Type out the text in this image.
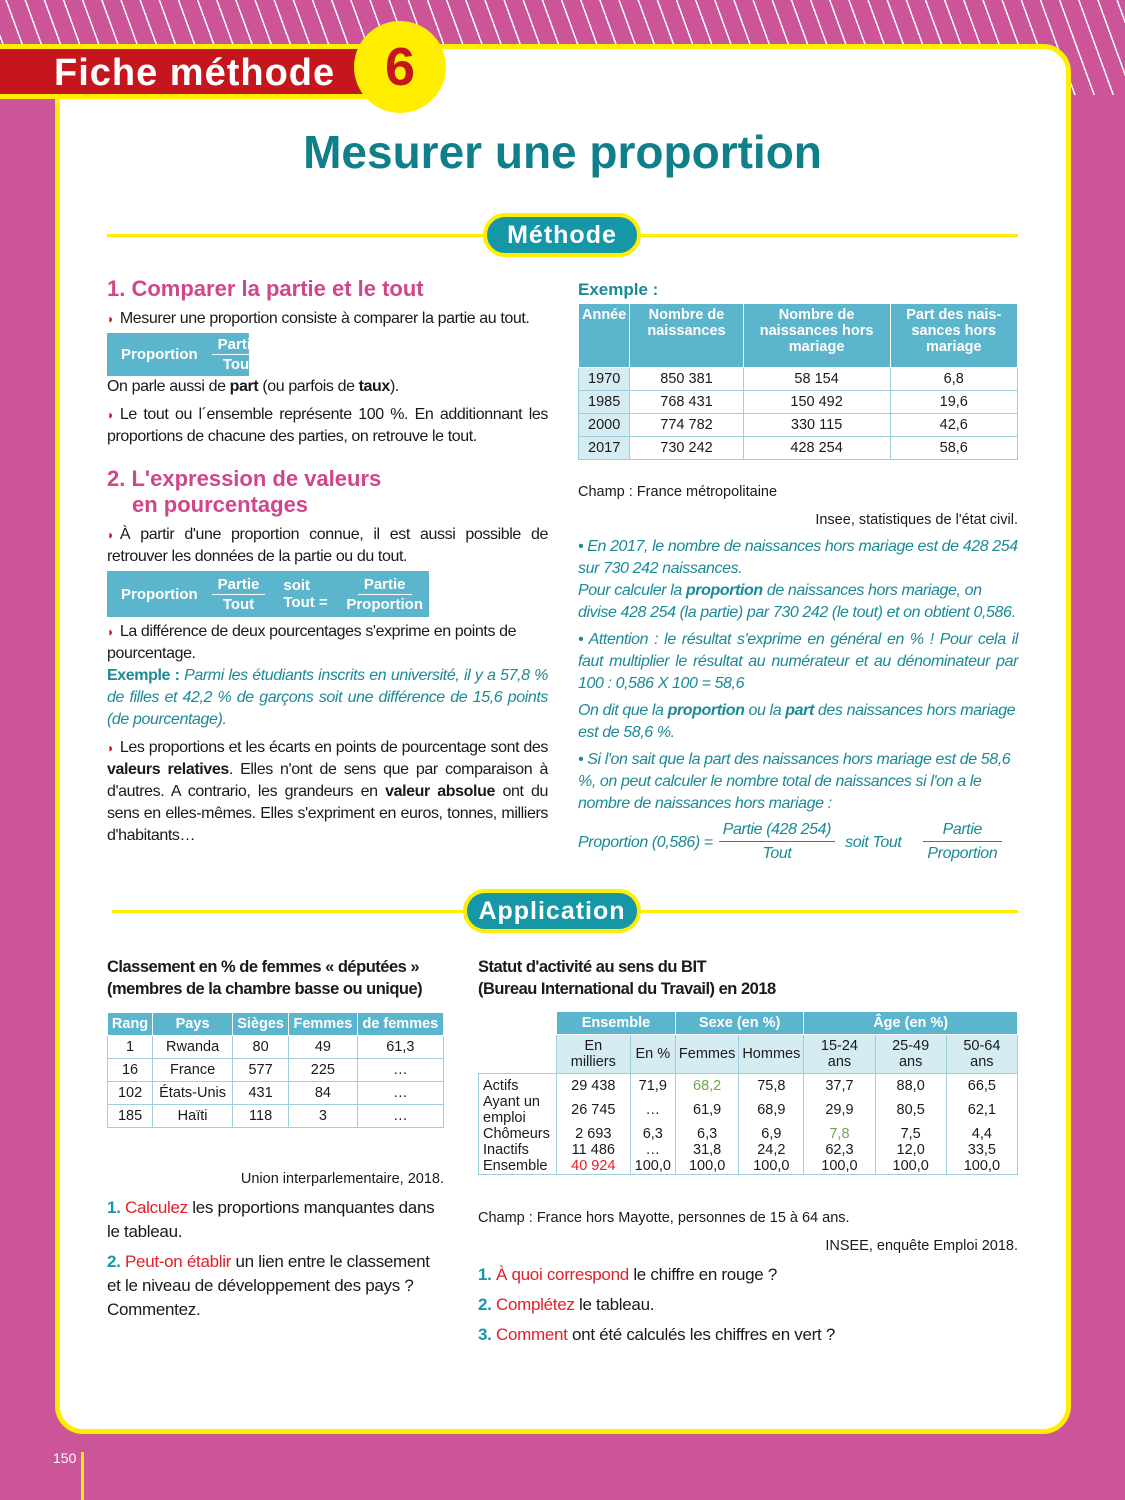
Fiche méthode 6
Mesurer une proportion
Méthode
1. Comparer la partie et le tout
◗ Mesurer une proportion consiste à comparer la partie au tout.
Proportion $\frac{\text{Partie}}{\text{Tout}}$
On parle aussi de part (ou parfois de taux).
◗ Le tout ou l´ensemble représente 100 %. En additionnant les proportions de chacune des parties, on retrouve le tout.
2. L'expression de valeurs
en pourcentages
◗ À partir d'une proportion connue, il est aussi possible de retrouver les données de la partie ou du tout.
Proportion $\frac{\text{Partie}}{\text{Tout}}$	soit Tout = $\frac{\text{Partie}}{\text{Proportion}}$
◗ La différence de deux pourcentages s'exprime en points de pourcentage.
Exemple : Parmi les étudiants inscrits en université, il y a 57,8 % de filles et 42,2 % de garçons soit une différence de 15,6 points (de pourcentage).
◗ Les proportions et les écarts en points de pourcentage sont des valeurs relatives. Elles n'ont de sens que par comparaison à d'autres. A contrario, les grandeurs en valeur absolue ont du sens en elles-mêmes. Elles s'expriment en euros, tonnes, milliers d'habitants…
Exemple :
Année	Nombre de naissances	Nombre de naissances hors mariage	Part des nais-sances hors mariage
1970	850 381	58 154	6,8
1985	768 431	150 492	19,6
2000	774 782	330 115	42,6
2017	730 242	428 254	58,6
Champ : France métropolitaine
Insee, statistiques de l'état civil.
• En 2017, le nombre de naissances hors mariage est de 428 254 sur 730 242 naissances.
Pour calculer la proportion de naissances hors mariage, on divise 428 254 (la partie) par 730 242 (le tout) et on obtient 0,586.
• Attention : le résultat s'exprime en général en % ! Pour cela il faut multiplier le résultat au numérateur et au dénominateur par 100 : 0,586 X 100 = 58,6
On dit que la proportion ou la part des naissances hors mariage est de 58,6 %.
• Si l'on sait que la part des naissances hors mariage est de 58,6 %, on peut calculer le nombre total de naissances si l'on a le nombre de naissances hors mariage :
Proportion $(0,586) = \frac{\text{Partie (428 254)}}{\text{Tout}}$ soit Tout	$\frac{\text{Partie}}{\text{Proportion}}$
Application
Classement en % de femmes « députées »
(membres de la chambre basse ou unique)
Rang	Pays	Sièges	Femmes	de femmes
1	Rwanda	80	49	61,3
16	France	577	225	…
102	États-Unis	431	84	…
185	Haïti	118	3	…
Union interparlementaire, 2018.
1. Calculez les proportions manquantes dans le tableau.
2. Peut-on établir un lien entre le classement et le niveau de développement des pays ? Commentez.
Statut d'activité au sens du BIT
(Bureau International du Travail) en 2018
	Ensemble		Sexe (en %)		Âge (en %)		
	En milliers	En %	Femmes	Hommes	15-24 ans	25-49 ans	50-64 ans
Actifs	29 438	71,9	68,2	75,8	37,7	88,0	66,5
Ayant un emploi	26 745	…	61,9	68,9	29,9	80,5	62,1
Chômeurs	2 693	6,3	6,3	6,9	7,8	7,5	4,4
Inactifs	11 486	…	31,8	24,2	62,3	12,0	33,5
Ensemble	40 924	100,0	100,0	100,0	100,0	100,0	100,0
Champ : France hors Mayotte, personnes de 15 à 64 ans.
INSEE, enquête Emploi 2018.
1. À quoi correspond le chiffre en rouge ?
2. Complétez le tableau.
3. Comment ont été calculés les chiffres en vert ?
150
